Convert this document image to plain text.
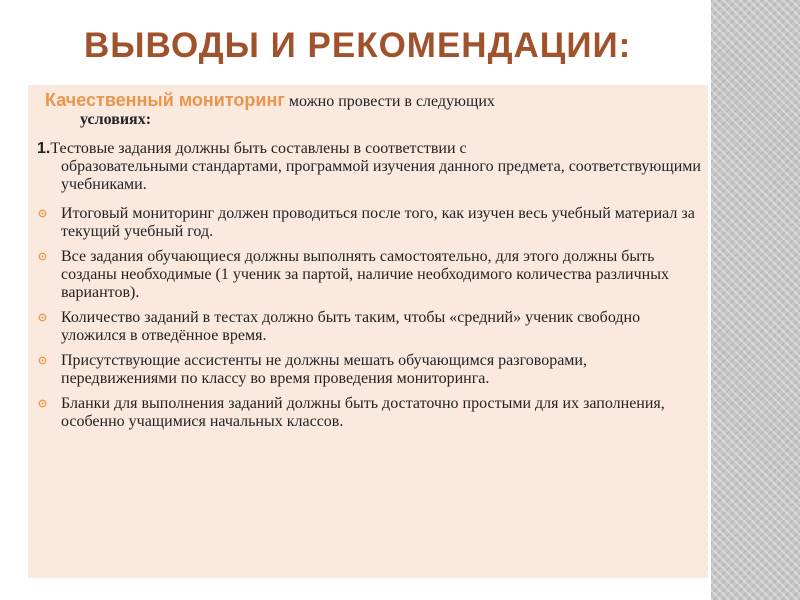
ВЫВОДЫ И РЕКОМЕНДАЦИИ:
Качественный мониторинг можно провести в следующих
условиях:
1.Тестовые задания должны быть составлены в соответствии с
образовательными стандартами, программой изучения данного предмета, соответствующими учебниками.
Итоговый мониторинг должен проводиться после того, как изучен весь учебный материал за текущий учебный год.
Все задания обучающиеся должны выполнять самостоятельно, для этого должны быть созданы необходимые (1 ученик за партой, наличие необходимого количества различных вариантов).
Количество заданий в тестах должно быть таким, чтобы «средний» ученик свободно уложился в отведённое время.
Присутствующие ассистенты не должны мешать обучающимся разговорами, передвижениями по классу во время проведения мониторинга.
Бланки для выполнения заданий должны быть достаточно простыми для их заполнения, особенно учащимися начальных классов.
